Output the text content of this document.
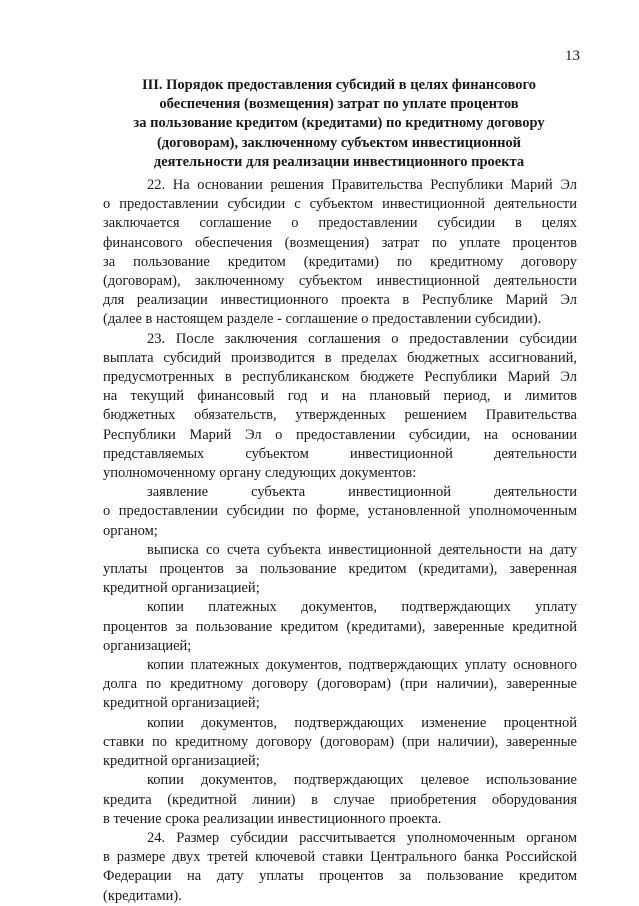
13
III. Порядок предоставления субсидий в целях финансового
обеспечения (возмещения) затрат по уплате процентов
за пользование кредитом (кредитами) по кредитному договору
(договорам), заключенному субъектом инвестиционной
деятельности для реализации инвестиционного проекта
22. На основании решения Правительства Республики Марий Эл
о предоставлении субсидии с субъектом инвестиционной деятельности
заключается соглашение о предоставлении субсидии в целях
финансового обеспечения (возмещения) затрат по уплате процентов
за пользование кредитом (кредитами) по кредитному договору
(договорам), заключенному субъектом инвестиционной деятельности
для реализации инвестиционного проекта в Республике Марий Эл
(далее в настоящем разделе - соглашение о предоставлении субсидии).
23. После заключения соглашения о предоставлении субсидии
выплата субсидий производится в пределах бюджетных ассигнований,
предусмотренных в республиканском бюджете Республики Марий Эл
на текущий финансовый год и на плановый период, и лимитов
бюджетных обязательств, утвержденных решением Правительства
Республики Марий Эл о предоставлении субсидии, на основании
представляемых субъектом инвестиционной деятельности
уполномоченному органу следующих документов:
заявление субъекта инвестиционной деятельности
о предоставлении субсидии по форме, установленной уполномоченным
органом;
выписка со счета субъекта инвестиционной деятельности на дату
уплаты процентов за пользование кредитом (кредитами), заверенная
кредитной организацией;
копии платежных документов, подтверждающих уплату
процентов за пользование кредитом (кредитами), заверенные кредитной
организацией;
копии платежных документов, подтверждающих уплату основного
долга по кредитному договору (договорам) (при наличии), заверенные
кредитной организацией;
копии документов, подтверждающих изменение процентной
ставки по кредитному договору (договорам) (при наличии), заверенные
кредитной организацией;
копии документов, подтверждающих целевое использование
кредита (кредитной линии) в случае приобретения оборудования
в течение срока реализации инвестиционного проекта.
24. Размер субсидии рассчитывается уполномоченным органом
в размере двух третей ключевой ставки Центрального банка Российской
Федерации на дату уплаты процентов за пользование кредитом
(кредитами).
